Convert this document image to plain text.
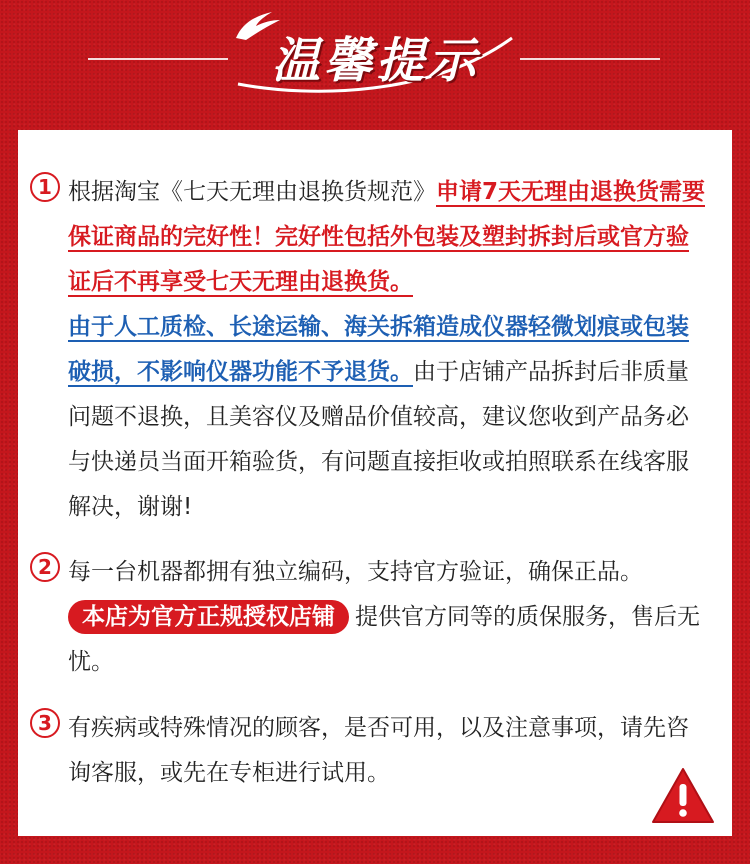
温馨提示
1 根据淘宝《七天无理由退换货规范》申请7天无理由退换货需要保证商品的完好性！完好性包括外包装及塑封拆封后或官方验证后不再享受七天无理由退换货。
由于人工质检、长途运输、海关拆箱造成仪器轻微划痕或包装破损，不影响仪器功能不予退货。由于店铺产品拆封后非质量问题不退换，且美容仪及赠品价值较高，建议您收到产品务必与快递员当面开箱验货，有问题直接拒收或拍照联系在线客服解决，谢谢!
2 每一台机器都拥有独立编码，支持官方验证，确保正品。
本店为官方正规授权店铺 提供官方同等的质保服务，售后无忧。
3 有疾病或特殊情况的顾客，是否可用，以及注意事项，请先咨询客服，或先在专柜进行试用。
